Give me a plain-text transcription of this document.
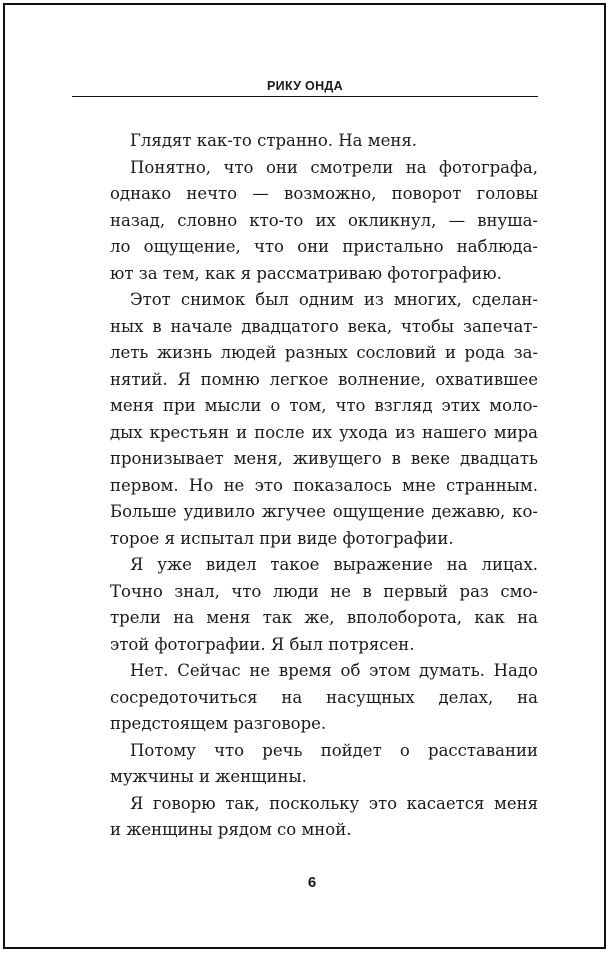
РИКУ ОНДА
Глядят как-то странно. На меня.
Понятно, что они смотрели на фотографа,
однако нечто — возможно, поворот головы
назад, словно кто-то их окликнул, — внуша-
ло ощущение, что они пристально наблюда-
ют за тем, как я рассматриваю фотографию.
Этот снимок был одним из многих, сделан-
ных в начале двадцатого века, чтобы запечат-
леть жизнь людей разных сословий и рода за-
нятий. Я помню легкое волнение, охватившее
меня при мысли о том, что взгляд этих моло-
дых крестьян и после их ухода из нашего мира
пронизывает меня, живущего в веке двадцать
первом. Но не это показалось мне странным.
Больше удивило жгучее ощущение дежавю, ко-
торое я испытал при виде фотографии.
Я уже видел такое выражение на лицах.
Точно знал, что люди не в первый раз смо-
трели на меня так же, вполоборота, как на
этой фотографии. Я был потрясен.
Нет. Сейчас не время об этом думать. Надо
сосредоточиться на насущных делах, на
предстоящем разговоре.
Потому что речь пойдет о расставании
мужчины и женщины.
Я говорю так, поскольку это касается меня
и женщины рядом со мной.
6
